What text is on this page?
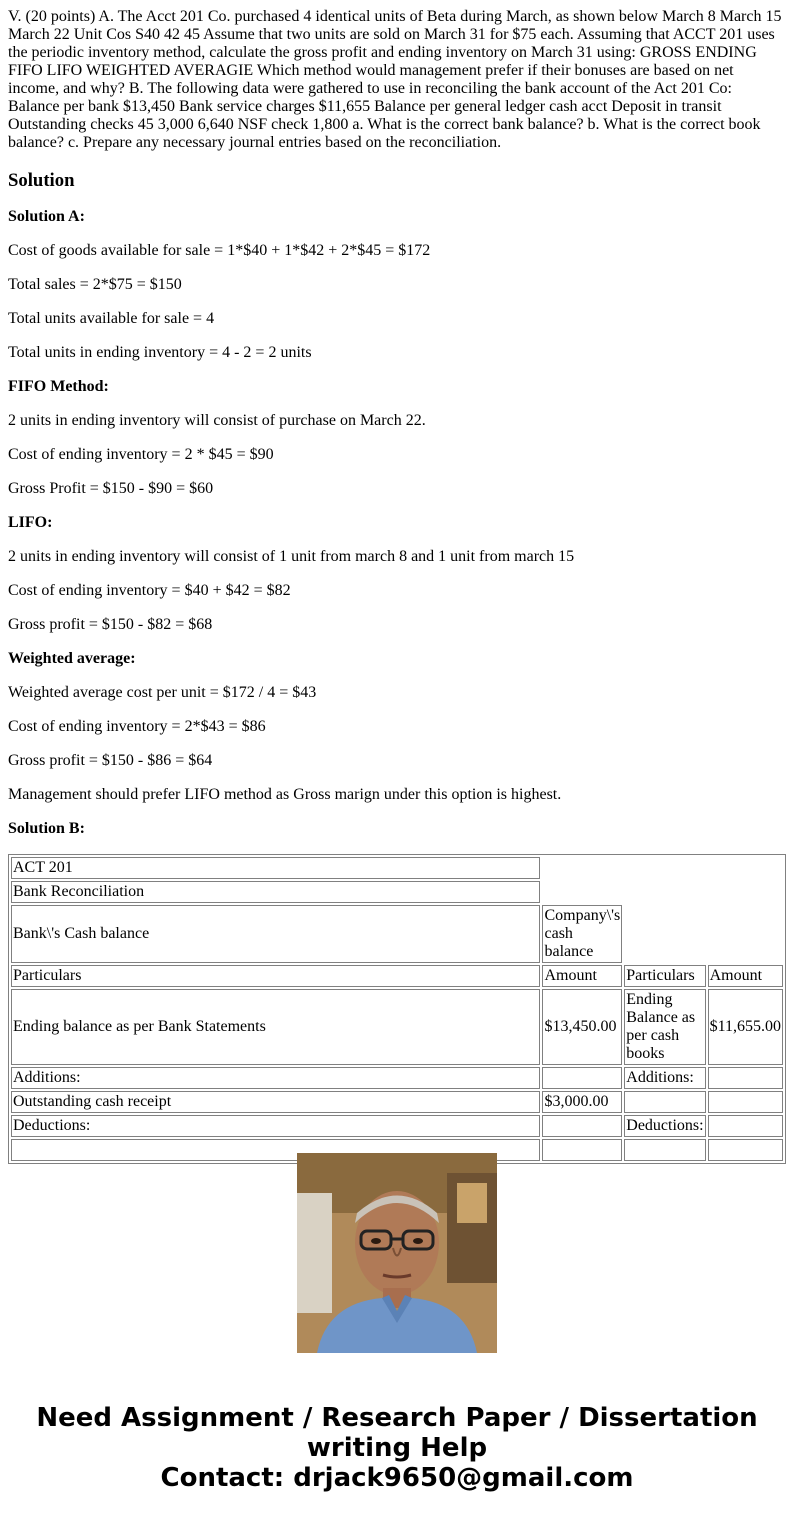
V. (20 points) A. The Acct 201 Co. purchased 4 identical units of Beta during March, as shown below March 8 March 15 March 22 Unit Cos S40 42 45 Assume that two units are sold on March 31 for $75 each. Assuming that ACCT 201 uses the periodic inventory method, calculate the gross profit and ending inventory on March 31 using: GROSS ENDING FIFO LIFO WEIGHTED AVERAGIE Which method would management prefer if their bonuses are based on net income, and why? B. The following data were gathered to use in reconciling the bank account of the Act 201 Co: Balance per bank $13,450 Bank service charges $11,655 Balance per general ledger cash acct Deposit in transit Outstanding checks 45 3,000 6,640 NSF check 1,800 a. What is the correct bank balance? b. What is the correct book balance? c. Prepare any necessary journal entries based on the reconciliation.

Solution

Solution A:

Cost of goods available for sale = 1*$40 + 1*$42 + 2*$45 = $172

Total sales = 2*$75 = $150

Total units available for sale = 4

Total units in ending inventory = 4 - 2 = 2 units

FIFO Method:

2 units in ending inventory will consist of purchase on March 22.

Cost of ending inventory = 2 * $45 = $90

Gross Profit = $150 - $90 = $60

LIFO:

2 units in ending inventory will consist of 1 unit from march 8 and 1 unit from march 15

Cost of ending inventory = $40 + $42 = $82

Gross profit = $150 - $82 = $68

Weighted average:

Weighted average cost per unit = $172 / 4 = $43

Cost of ending inventory = 2*$43 = $86

Gross profit = $150 - $86 = $64

Management should prefer LIFO method as Gross marign under this option is highest.

Solution B:

ACT 201			
Bank Reconciliation			
Bank\'s Cash balance	Company\'s cash balance		
Particulars	Amount	Particulars	Amount
Ending balance as per Bank Statements	$13,450.00	Ending Balance as per cash books	$11,655.00
Additions:		Additions:	
Outstanding cash receipt	$3,000.00		
Deductions:		Deductions:	

Need Assignment / Research Paper / Dissertation
writing Help
Contact: drjack9650@gmail.com
